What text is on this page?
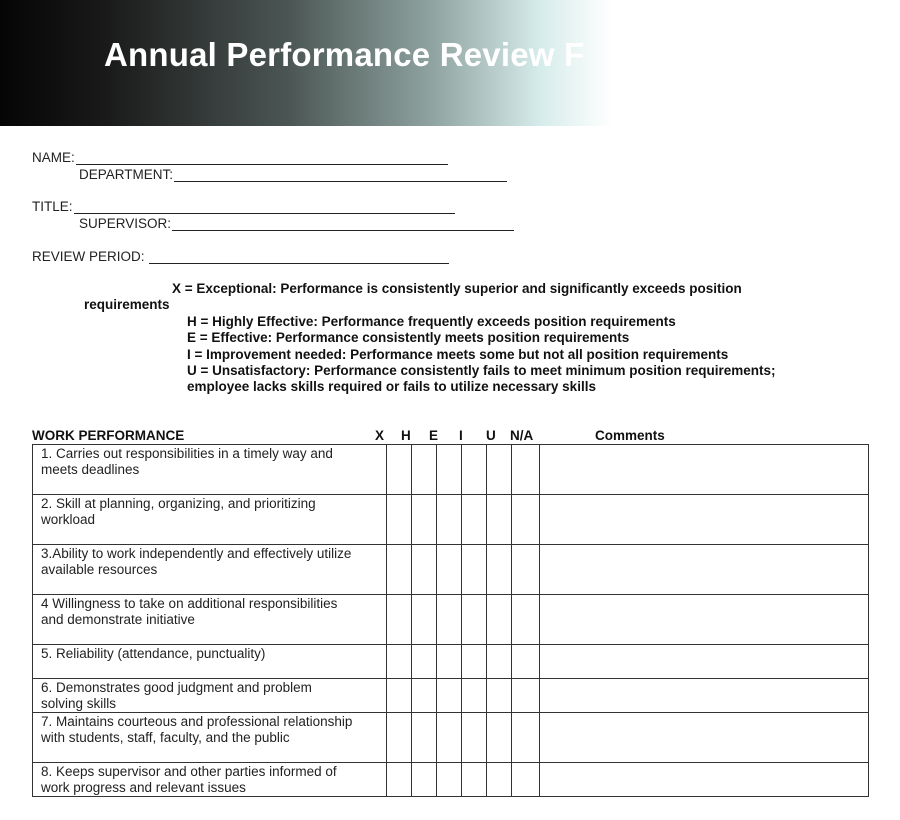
Annual Performance Review F
NAME:
DEPARTMENT:
TITLE:
SUPERVISOR:
REVIEW PERIOD:
X = Exceptional: Performance is consistently superior and significantly exceeds position
requirements
H = Highly Effective: Performance frequently exceeds position requirements
E = Effective: Performance consistently meets position requirements
I = Improvement needed: Performance meets some but not all position requirements
U = Unsatisfactory: Performance consistently fails to meet minimum position requirements;
employee lacks skills required or fails to utilize necessary skills
WORK PERFORMANCE	X H E I U N/A	Comments
1. Carries out responsibilities in a timely way and
meets deadlines							

2. Skill at planning, organizing, and prioritizing
workload							

3.Ability to work independently and effectively utilize
available resources							

4 Willingness to take on additional responsibilities
and demonstrate initiative							

5. Reliability (attendance, punctuality)							

6. Demonstrates good judgment and problem
solving skills							

7. Maintains courteous and professional relationship
with students, staff, faculty, and the public							

8. Keeps supervisor and other parties informed of
work progress and relevant issues							
